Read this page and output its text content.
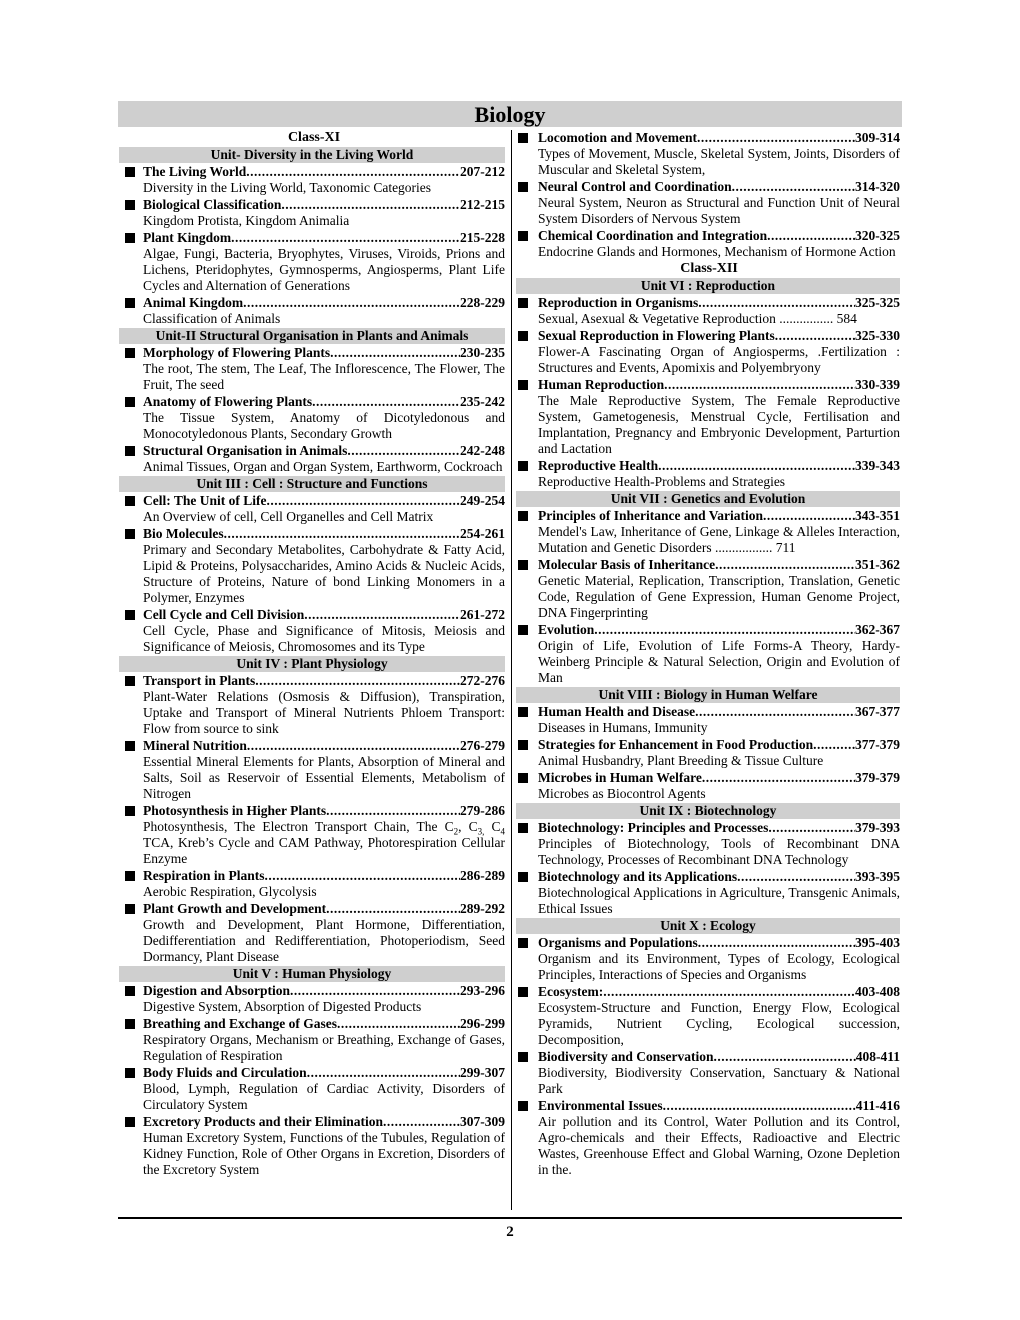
Biology
Class-XI
Unit- Diversity in the Living World
The Living World .....	207-212
Diversity in the Living World, Taxonomic Categories
Biological Classification .....	212-215
Kingdom Protista, Kingdom Animalia
Plant Kingdom .....	215-228
Algae, Fungi, Bacteria, Bryophytes, Viruses, Viroids, Prions and Lichens, Pteridophytes, Gymnosperms, Angiosperms, Plant Life Cycles and Alternation of Generations
Animal Kingdom .....	228-229
Classification of Animals
Unit-II Structural Organisation in Plants and Animals
Morphology of Flowering Plants .....	230-235
The root, The stem, The Leaf, The Inflorescence, The Flower, The Fruit, The seed
Anatomy of Flowering Plants .....	235-242
The Tissue System, Anatomy of Dicotyledonous and Monocotyledonous Plants, Secondary Growth
Structural Organisation in Animals .....	242-248
Animal Tissues, Organ and Organ System, Earthworm, Cockroach
Unit III : Cell : Structure and Functions
Cell: The Unit of Life .....	249-254
An Overview of cell, Cell Organelles and Cell Matrix
Bio Molecules .....	254-261
Primary and Secondary Metabolites, Carbohydrate & Fatty Acid, Lipid & Proteins, Polysaccharides, Amino Acids & Nucleic Acids, Structure of Proteins, Nature of bond Linking Monomers in a Polymer, Enzymes
Cell Cycle and Cell Division .....	261-272
Cell Cycle, Phase and Significance of Mitosis, Meiosis and Significance of Meiosis, Chromosomes and its Type
Unit IV : Plant Physiology
Transport in Plants .....	272-276
Plant-Water Relations (Osmosis & Diffusion), Transpiration, Uptake and Transport of Mineral Nutrients Phloem Transport: Flow from source to sink
Mineral Nutrition .....	276-279
Essential Mineral Elements for Plants, Absorption of Mineral and Salts, Soil as Reservoir of Essential Elements, Metabolism of Nitrogen
Photosynthesis in Higher Plants .....	279-286
Photosynthesis, The Electron Transport Chain, The $C_2$, $C_{3,}$ $C_4$ TCA, Kreb’s Cycle and CAM Pathway, Photorespiration Cellular Enzyme
Respiration in Plants .....	286-289
Aerobic Respiration, Glycolysis
Plant Growth and Development .....	289-292
Growth and Development, Plant Hormone, Differentiation, Dedifferentiation and Redifferentiation, Photoperiodism, Seed Dormancy, Plant Disease
Unit V : Human Physiology
Digestion and Absorption .....	293-296
Digestive System, Absorption of Digested Products
Breathing and Exchange of Gases .....	296-299
Respiratory Organs, Mechanism or Breathing, Exchange of Gases, Regulation of Respiration
Body Fluids and Circulation .....	299-307
Blood, Lymph, Regulation of Cardiac Activity, Disorders of Circulatory System
Excretory Products and their Elimination .....	307-309
Human Excretory System, Functions of the Tubules, Regulation of Kidney Function, Role of Other Organs in Excretion, Disorders of the Excretory System
Locomotion and Movement .....	309-314
Types of Movement, Muscle, Skeletal System, Joints, Disorders of Muscular and Skeletal System,
Neural Control and Coordination .....	314-320
Neural System, Neuron as Structural and Function Unit of Neural System Disorders of Nervous System
Chemical Coordination and Integration .....	320-325
Endocrine Glands and Hormones, Mechanism of Hormone Action
Class-XII
Unit VI : Reproduction
Reproduction in Organisms .....	325-325
Sexual, Asexual & Vegetative Reproduction ................ 584
Sexual Reproduction in Flowering Plants .....	325-330
Flower-A Fascinating Organ of Angiosperms, .Fertilization : Structures and Events, Apomixis and Polyembryony
Human Reproduction .....	330-339
The Male Reproductive System, The Female Reproductive System, Gametogenesis, Menstrual Cycle, Fertilisation and Implantation, Pregnancy and Embryonic Development, Parturtion and Lactation
Reproductive Health .....	339-343
Reproductive Health-Problems and Strategies
Unit VII : Genetics and Evolution
Principles of Inheritance and Variation .....	343-351
Mendel's Law, Inheritance of Gene, Linkage & Alleles Interaction, Mutation and Genetic Disorders ................. 711
Molecular Basis of Inheritance .....	351-362
Genetic Material, Replication, Transcription, Translation, Genetic Code, Regulation of Gene Expression, Human Genome Project, DNA Fingerprinting
Evolution .....	362-367
Origin of Life, Evolution of Life Forms-A Theory, Hardy-Weinberg Principle & Natural Selection, Origin and Evolution of Man
Unit VIII : Biology in Human Welfare
Human Health and Disease .....	367-377
Diseases in Humans, Immunity
Strategies for Enhancement in Food Production .....	377-379
Animal Husbandry, Plant Breeding & Tissue Culture
Microbes in Human Welfare .....	379-379
Microbes as Biocontrol Agents
Unit IX : Biotechnology
Biotechnology: Principles and Processes .....	379-393
Principles of Biotechnology, Tools of Recombinant DNA Technology, Processes of Recombinant DNA Technology
Biotechnology and its Applications .....	393-395
Biotechnological Applications in Agriculture, Transgenic Animals, Ethical Issues
Unit X : Ecology
Organisms and Populations .....	395-403
Organism and its Environment, Types of Ecology, Ecological Principles, Interactions of Species and Organisms
Ecosystem: .....	403-408
Ecosystem-Structure and Function, Energy Flow, Ecological Pyramids, Nutrient Cycling, Ecological succession, Decomposition,
Biodiversity and Conservation .....	408-411
Biodiversity, Biodiversity Conservation, Sanctuary & National Park
Environmental Issues .....	411-416
Air pollution and its Control, Water Pollution and its Control, Agro-chemicals and their Effects, Radioactive and Electric Wastes, Greenhouse Effect and Global Warning, Ozone Depletion in the.
2
